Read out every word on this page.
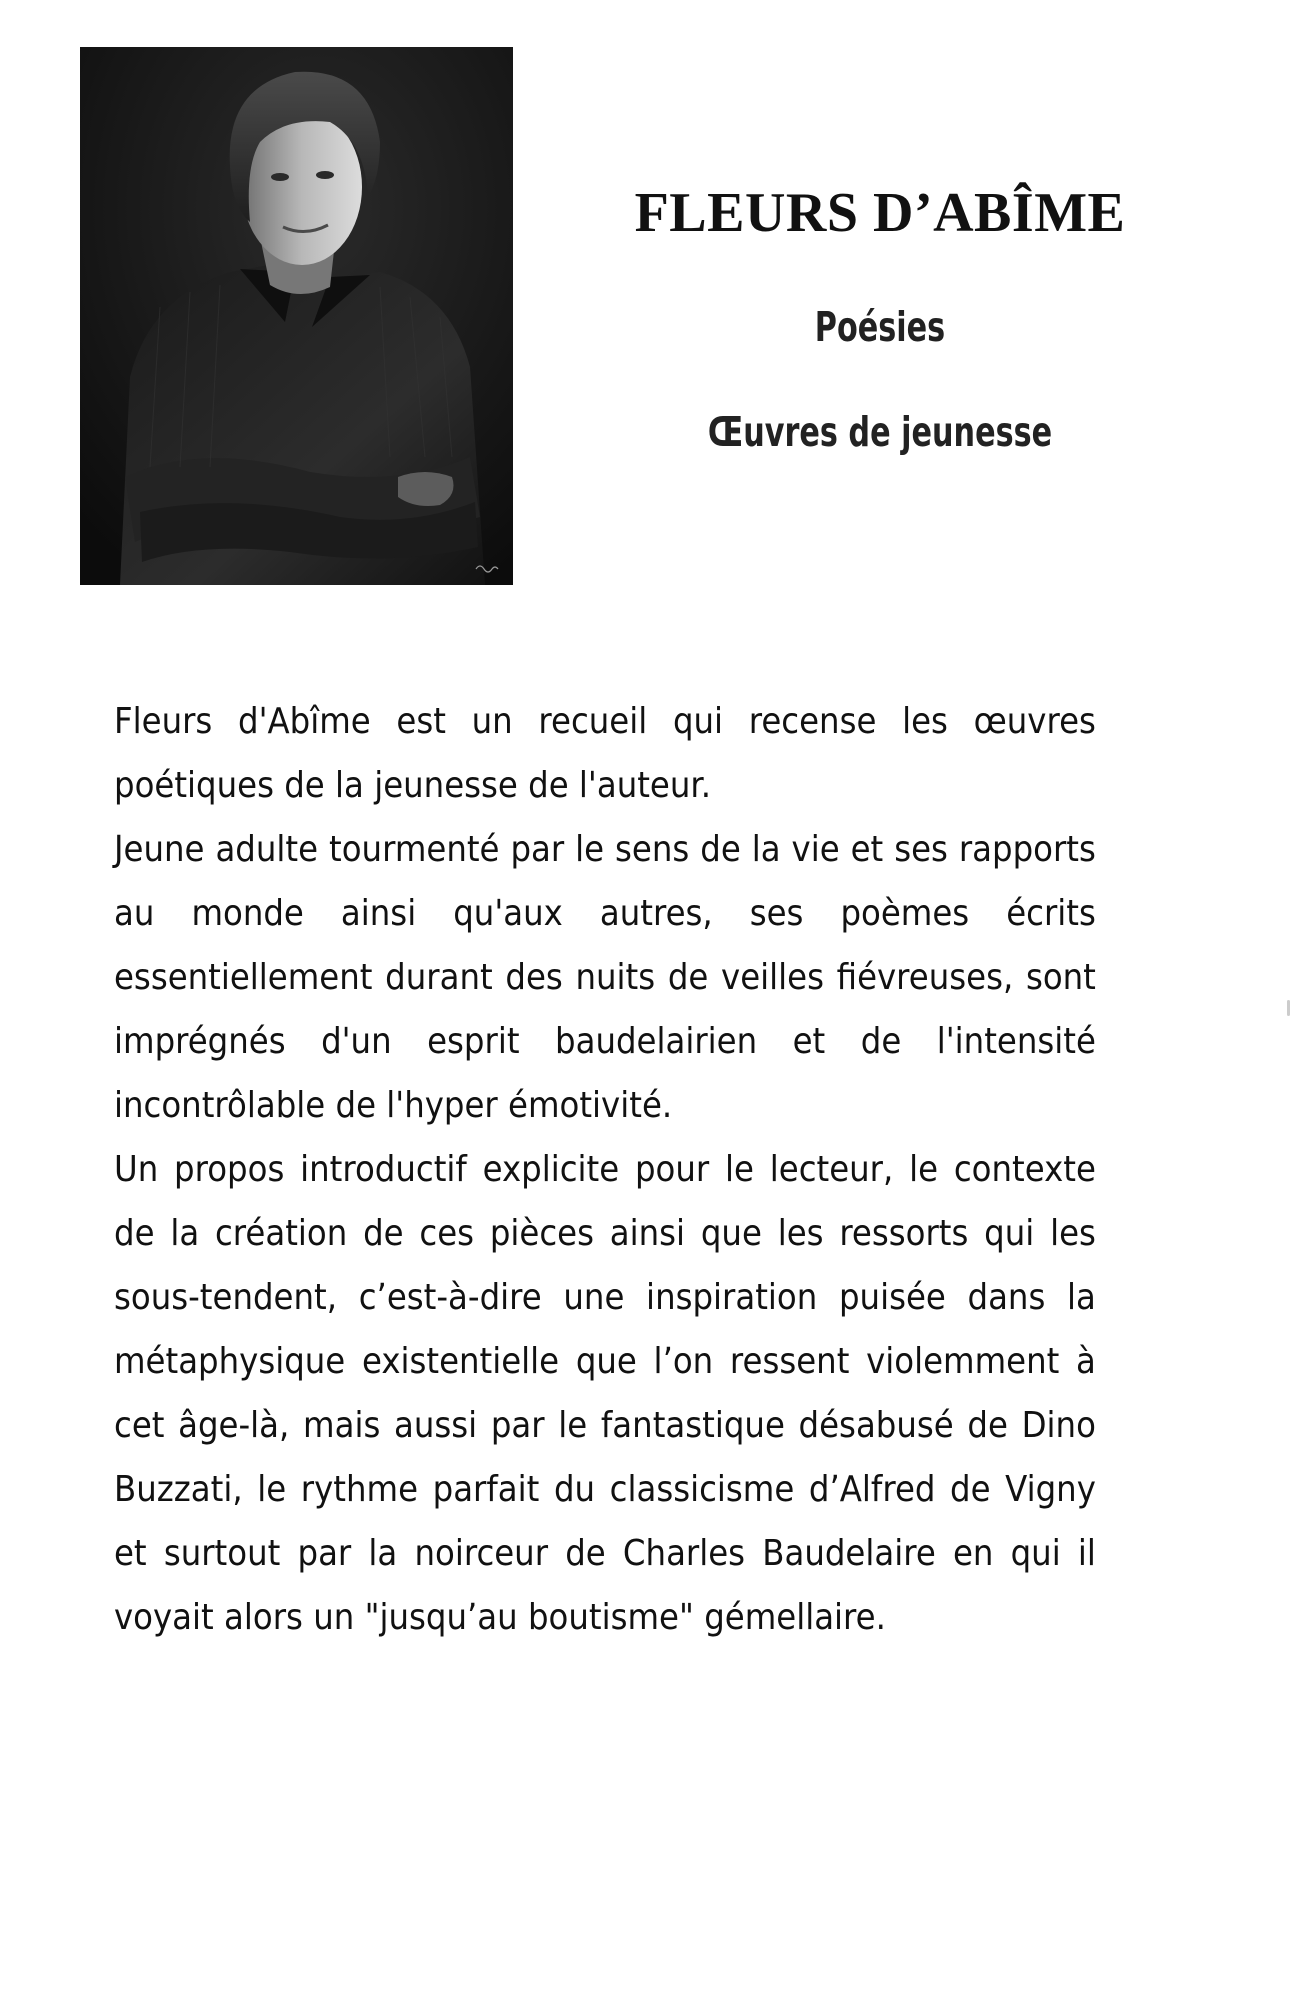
FLEURS D’ABÎME
Poésies
Œuvres de jeunesse

Fleurs d'Abîme est un recueil qui recense les œuvres poétiques de la jeunesse de l'auteur.

Jeune adulte tourmenté par le sens de la vie et ses rapports au monde ainsi qu'aux autres, ses poèmes écrits essentiellement durant des nuits de veilles fiévreuses, sont imprégnés d'un esprit baudelairien et de l'intensité incontrôlable de l'hyper émotivité.

Un propos introductif explicite pour le lecteur, le contexte de la création de ces pièces ainsi que les ressorts qui les sous-tendent, c’est-à-dire une inspiration puisée dans la métaphysique existentielle que l’on ressent violemment à cet âge-là, mais aussi par le fantastique désabusé de Dino Buzzati, le rythme parfait du classicisme d’Alfred de Vigny et surtout par la noirceur de Charles Baudelaire en qui il voyait alors un "jusqu’au boutisme" gémellaire.
